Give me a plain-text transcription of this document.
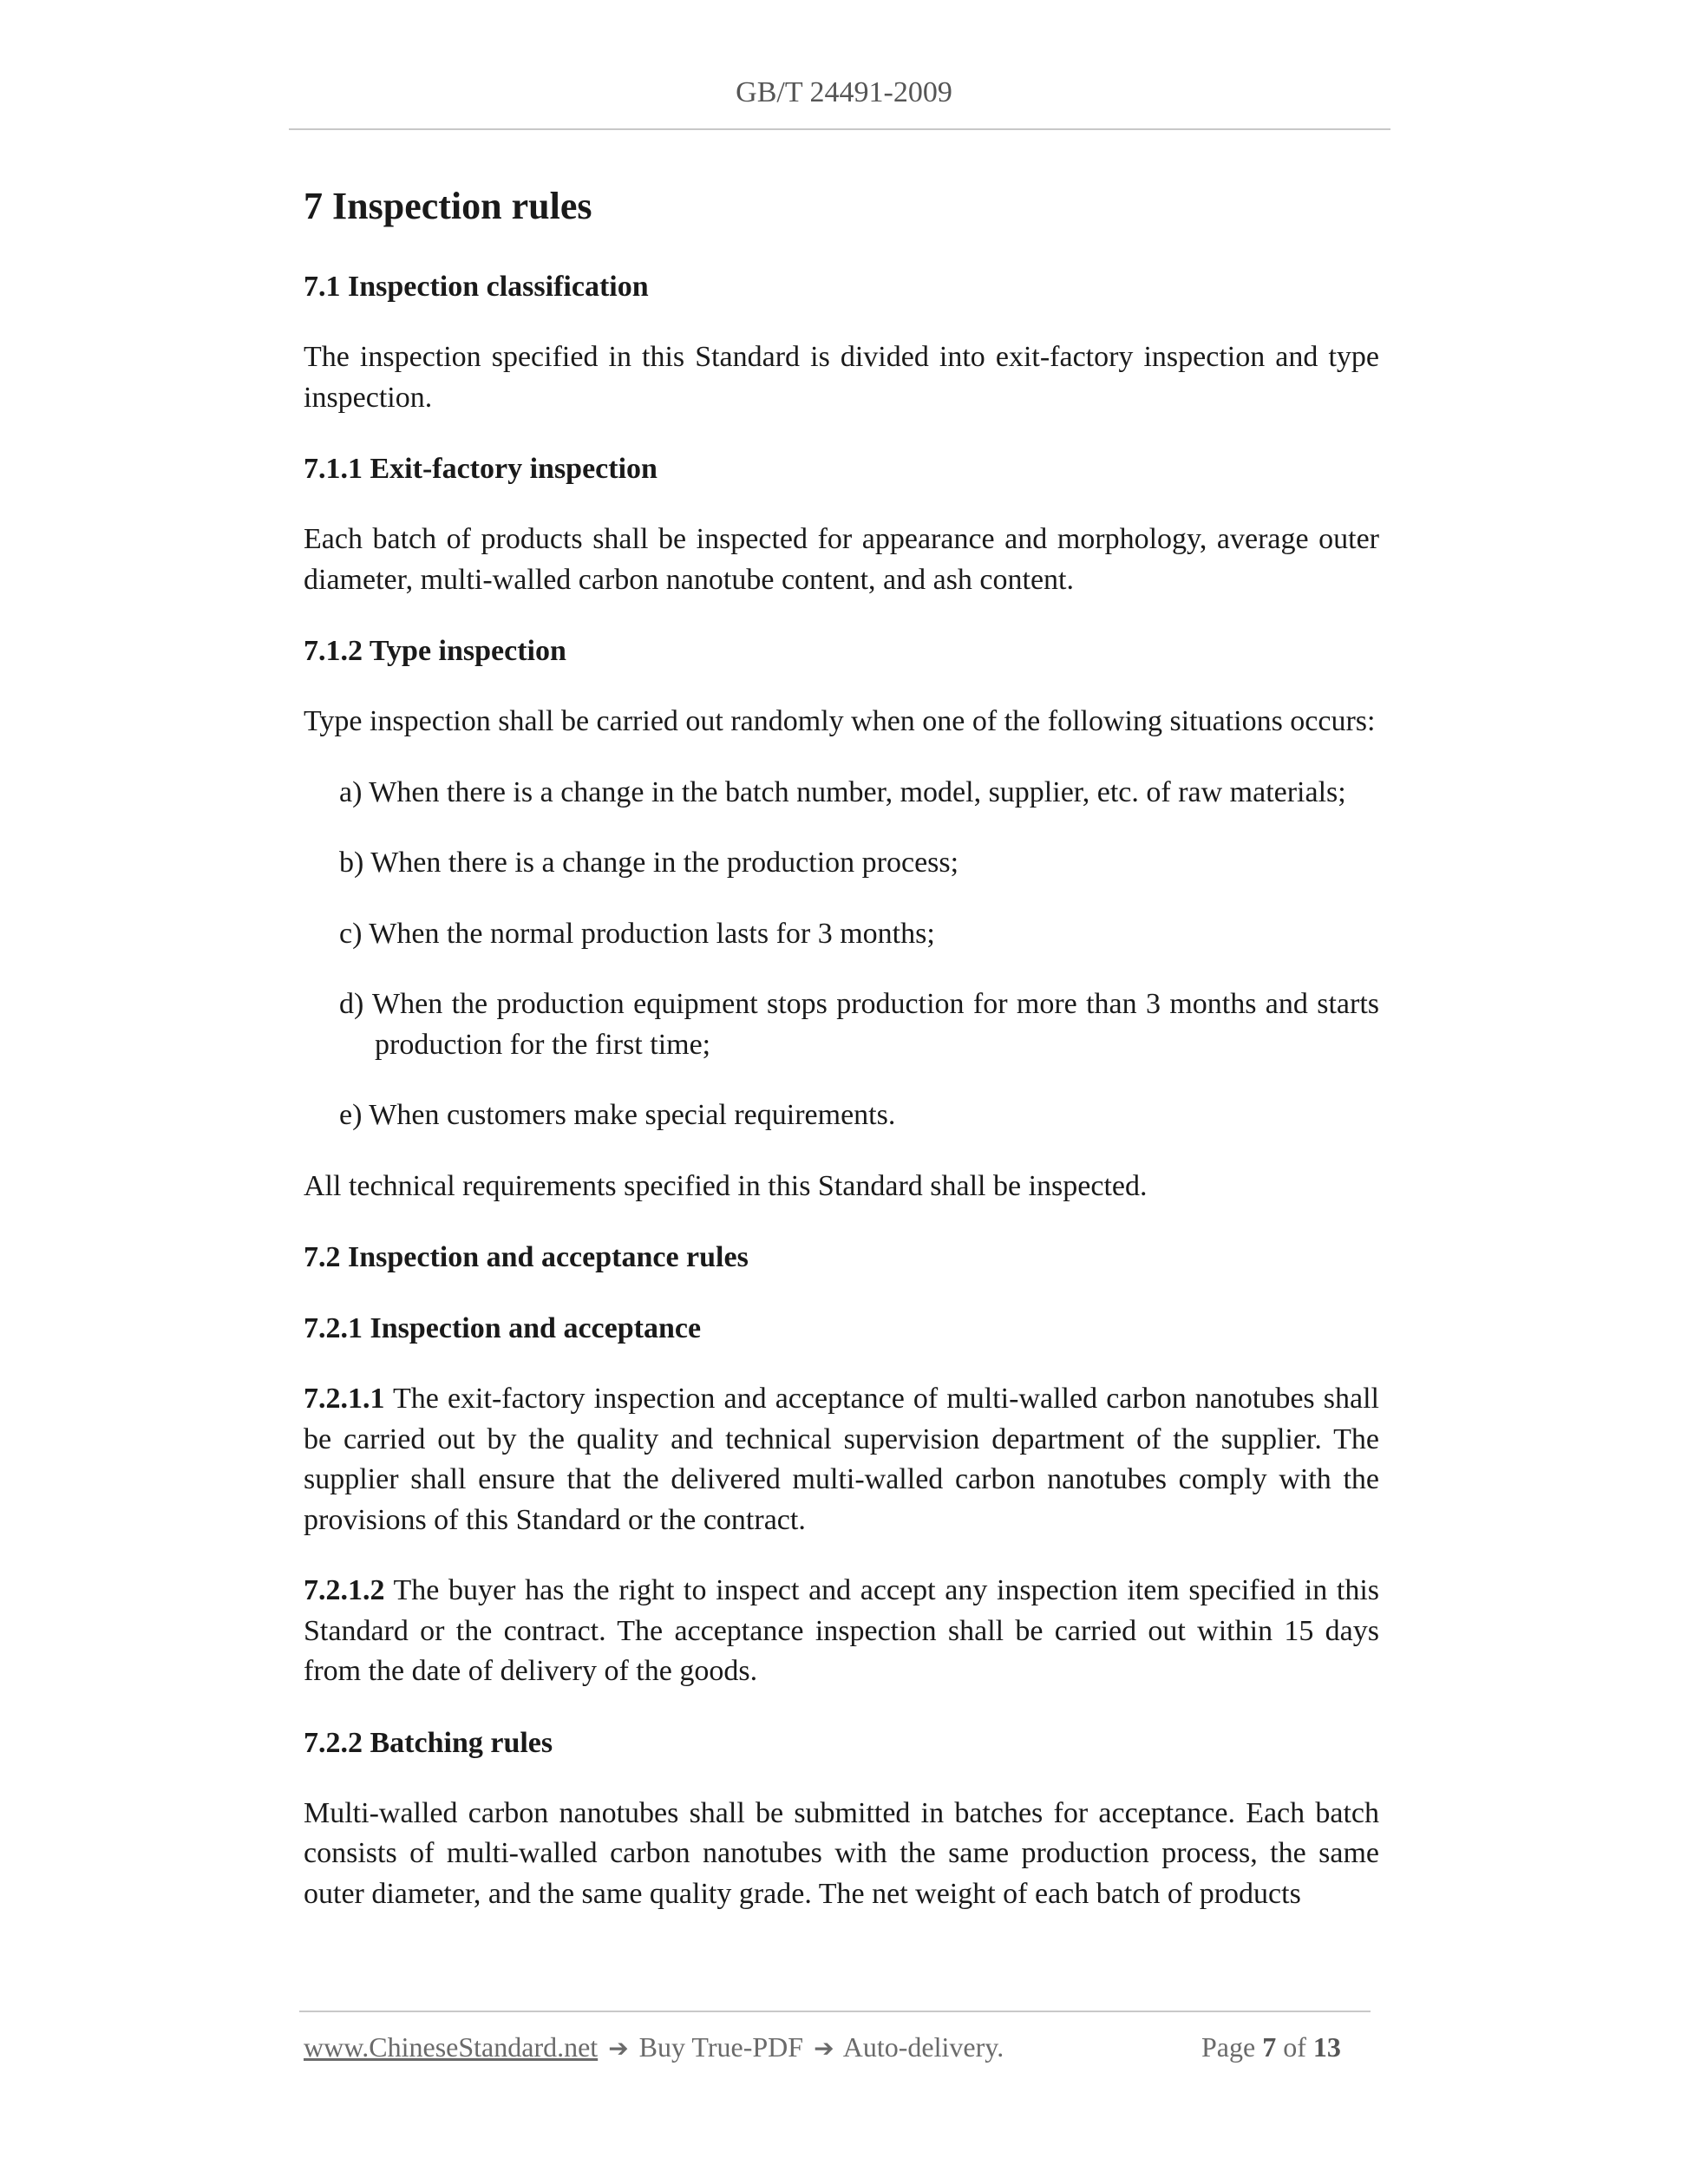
GB/T 24491-2009
7 Inspection rules
7.1 Inspection classification
The inspection specified in this Standard is divided into exit-factory inspection and type inspection.
7.1.1 Exit-factory inspection
Each batch of products shall be inspected for appearance and morphology, average outer diameter, multi-walled carbon nanotube content, and ash content.
7.1.2 Type inspection
Type inspection shall be carried out randomly when one of the following situations occurs:
a) When there is a change in the batch number, model, supplier, etc. of raw materials;
b) When there is a change in the production process;
c) When the normal production lasts for 3 months;
d) When the production equipment stops production for more than 3 months and starts production for the first time;
e) When customers make special requirements.
All technical requirements specified in this Standard shall be inspected.
7.2 Inspection and acceptance rules
7.2.1 Inspection and acceptance
7.2.1.1 The exit-factory inspection and acceptance of multi-walled carbon nanotubes shall be carried out by the quality and technical supervision department of the supplier. The supplier shall ensure that the delivered multi-walled carbon nanotubes comply with the provisions of this Standard or the contract.
7.2.1.2 The buyer has the right to inspect and accept any inspection item specified in this Standard or the contract. The acceptance inspection shall be carried out within 15 days from the date of delivery of the goods.
7.2.2 Batching rules
Multi-walled carbon nanotubes shall be submitted in batches for acceptance. Each batch consists of multi-walled carbon nanotubes with the same production process, the same outer diameter, and the same quality grade. The net weight of each batch of products
www.ChineseStandard.net ➔ Buy True-PDF ➔ Auto-delivery.	Page 7 of 13
